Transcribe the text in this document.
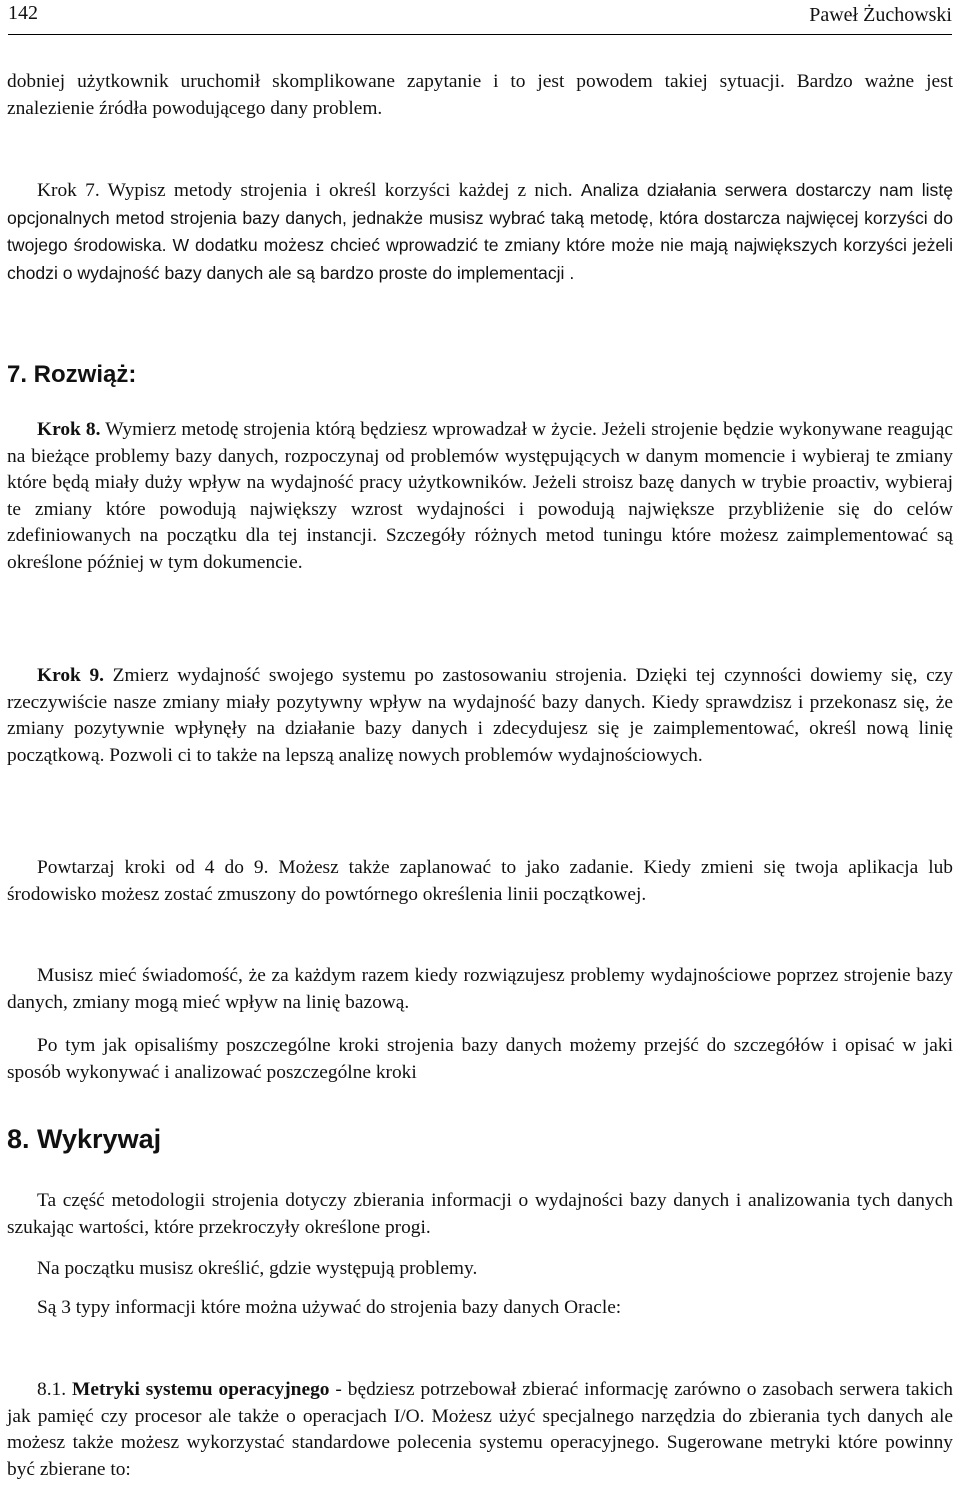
142	Paweł Żuchowski

dobniej użytkownik uruchomił skomplikowane zapytanie i to jest powodem takiej sytuacji. Bardzo ważne jest znalezienie źródła powodującego dany problem.

Krok 7. Wypisz metody strojenia i określ korzyści każdej z nich. Analiza działania serwera dostarczy nam listę opcjonalnych metod strojenia bazy danych, jednakże musisz wybrać taką metodę, która dostarcza najwięcej korzyści do twojego środowiska. W dodatku możesz chcieć wprowadzić te zmiany które może nie mają największych korzyści jeżeli chodzi o wydajność bazy danych ale są bardzo proste do implementacji .

7. Rozwiąż:

Krok 8. Wymierz metodę strojenia którą będziesz wprowadzał w życie. Jeżeli strojenie będzie wykonywane reagując na bieżące problemy bazy danych, rozpoczynaj od problemów występujących w danym momencie i wybieraj te zmiany które będą miały duży wpływ na wydajność pracy użytkowników. Jeżeli stroisz bazę danych w trybie proactiv, wybieraj te zmiany które powodują największy wzrost wydajności i powodują największe przybliżenie się do celów zdefiniowanych na początku dla tej instancji. Szczegóły różnych metod tuningu które możesz zaimplementować są określone później w tym dokumencie.

Krok 9. Zmierz wydajność swojego systemu po zastosowaniu strojenia. Dzięki tej czynności dowiemy się, czy rzeczywiście nasze zmiany miały pozytywny wpływ na wydajność bazy danych. Kiedy sprawdzisz i przekonasz się, że zmiany pozytywnie wpłynęły na działanie bazy danych i zdecydujesz się je zaimplementować, określ nową linię początkową. Pozwoli ci to także na lepszą analizę nowych problemów wydajnościowych.

Powtarzaj kroki od 4 do 9. Możesz także zaplanować to jako zadanie. Kiedy zmieni się twoja aplikacja lub środowisko możesz zostać zmuszony do powtórnego określenia linii początkowej.

Musisz mieć świadomość, że za każdym razem kiedy rozwiązujesz problemy wydajnościowe poprzez strojenie bazy danych, zmiany mogą mieć wpływ na linię bazową.

Po tym jak opisaliśmy poszczególne kroki strojenia bazy danych możemy przejść do szczegółów i opisać w jaki sposób wykonywać i analizować poszczególne kroki

8. Wykrywaj

Ta część metodologii strojenia dotyczy zbierania informacji o wydajności bazy danych i analizowania tych danych szukając wartości, które przekroczyły określone progi.

Na początku musisz określić, gdzie występują problemy.

Są 3 typy informacji które można używać do strojenia bazy danych Oracle:

8.1. Metryki systemu operacyjnego - będziesz potrzebował zbierać informację zarówno o zasobach serwera takich jak pamięć czy procesor ale także o operacjach I/O. Możesz użyć specjalnego narzędzia do zbierania tych danych ale możesz także możesz wykorzystać standardowe polecenia systemu operacyjnego. Sugerowane metryki które powinny być zbierane to:
